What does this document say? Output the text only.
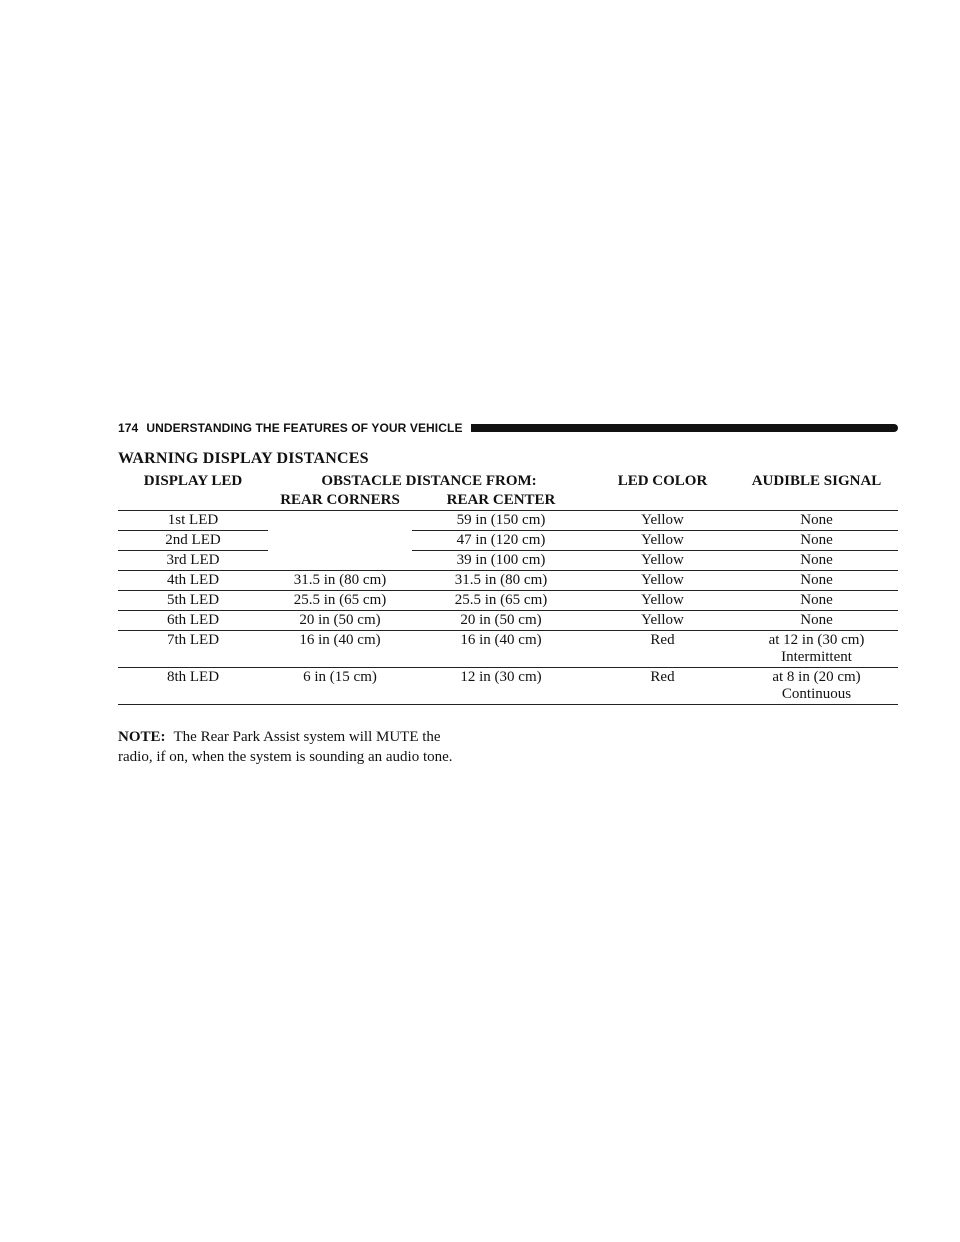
174 UNDERSTANDING THE FEATURES OF YOUR VEHICLE
WARNING DISPLAY DISTANCES
DISPLAY LED	OBSTACLE DISTANCE FROM:		LED COLOR	AUDIBLE SIGNAL
	REAR CORNERS	REAR CENTER		
1st LED		59 in (150 cm)	Yellow	None
2nd LED		47 in (120 cm)	Yellow	None
3rd LED		39 in (100 cm)	Yellow	None
4th LED	31.5 in (80 cm)	31.5 in (80 cm)	Yellow	None
5th LED	25.5 in (65 cm)	25.5 in (65 cm)	Yellow	None
6th LED	20 in (50 cm)	20 in (50 cm)	Yellow	None
7th LED	16 in (40 cm)	16 in (40 cm)	Red	at 12 in (30 cm)
Intermittent

8th LED	6 in (15 cm)	12 in (30 cm)	Red	at 8 in (20 cm)
Continuous

NOTE: The Rear Park Assist system will MUTE the
radio, if on, when the system is sounding an audio tone.
